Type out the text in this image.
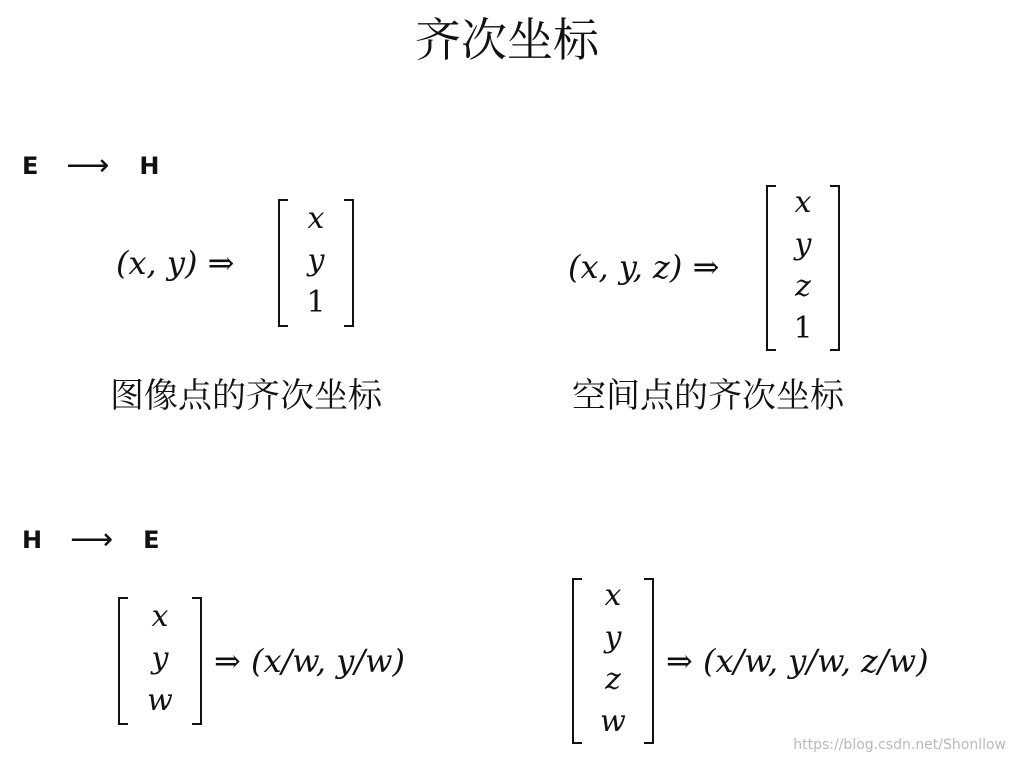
齐次坐标
E ⟶ H
(x, y) ⇒
x
y
1
图像点的齐次坐标
(x, y, z) ⇒
x
y
z
1
空间点的齐次坐标
H ⟶ E
x
y
w
⇒ (x/w, y/w)
x
y
z
w
⇒ (x/w, y/w, z/w)
https://blog.csdn.net/Shonllow
